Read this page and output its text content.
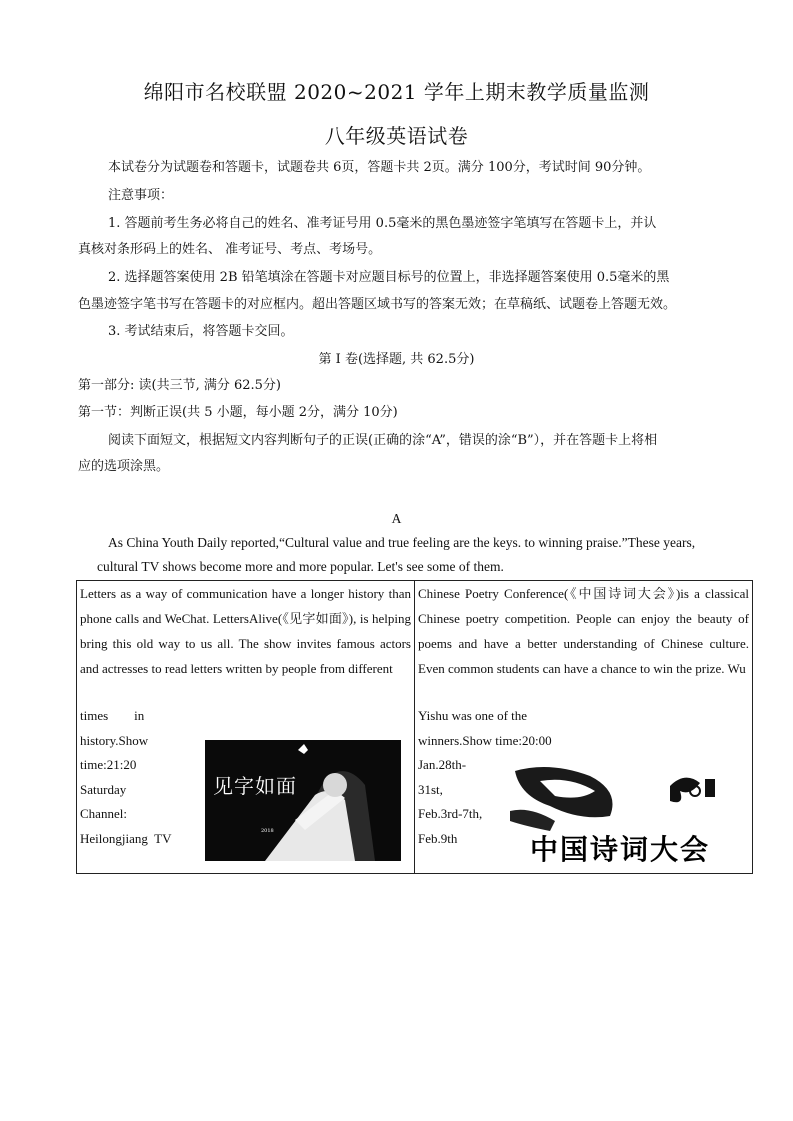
绵阳市名校联盟 2020~2021 学年上期末教学质量监测
八年级英语试卷
本试卷分为试题卷和答题卡，试题卷共 6页，答题卡共 2页。满分 100分，考试时间 90分钟。
注意事项：
1. 答题前考生务必将自己的姓名、准考证号用 0.5毫米的黑色墨迹签字笔填写在答题卡上，并认
真核对条形码上的姓名、 准考证号、考点、考场号。
2. 选择题答案使用 2B 铅笔填涂在答题卡对应题目标号的位置上，非选择题答案使用 0.5毫米的黑
色墨迹签字笔书写在答题卡的对应框内。超出答题区域书写的答案无效；在草稿纸、试题卷上答题无效。
3. 考试结束后，将答题卡交回。
第 I 卷(选择题, 共 62.5分)
第一部分: 读(共三节, 满分 62.5分)
第一节：判断正误(共 5 小题，每小题 2分，满分 10分)
阅读下面短文，根据短文内容判断句子的正误(正确的涂“A”，错误的涂“B”），并在答题卡上将相
应的选项涂黑。
A
As China Youth Daily reported,“Cultural value and true feeling are the keys. to winning praise.”These years,
cultural TV shows become more and more popular. Let's see some of them.
Letters as a way of communication have a longer history than phone calls and WeChat. LettersAlive(《见字如面》), is helping bring this old way to us all. The show invites famous actors and actresses to read letters written by people from different
times        in
history.Show
time:21:20
Saturday
Channel:
Heilongjiang  TV	2018
见字如面

Chinese Poetry Conference(《中国诗词大会》)is a classical Chinese poetry competition. People can enjoy the beauty of poems and have a better understanding of Chinese culture. Even common students can have a chance to win the prize. Wu
Yishu was one of the
winners.Show time:20:00
Jan.28th-
31st,
Feb.3rd-7th,
Feb.9th	中国诗词大会
